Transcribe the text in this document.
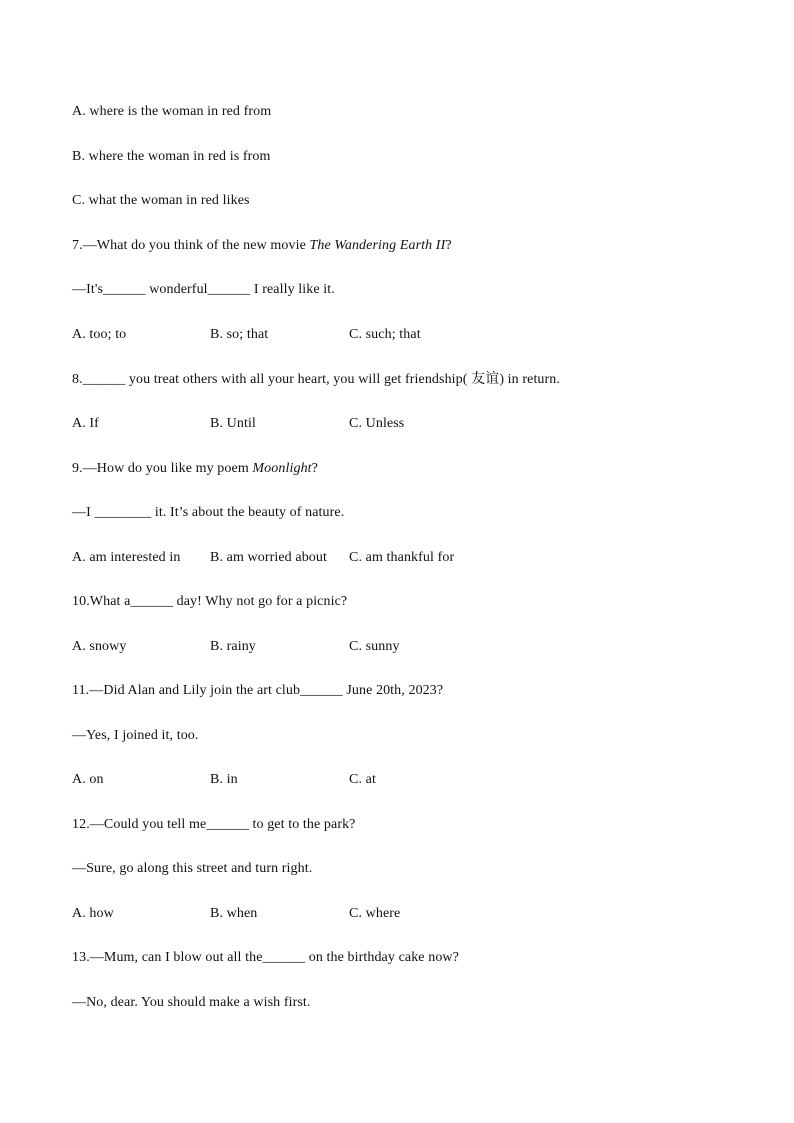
A. where is the woman in red from
B. where the woman in red is from
C. what the woman in red likes
7.—What do you think of the new movie The Wandering Earth II?
—It's______ wonderful______ I really like it.
A. too; to	B. so; that	C. such; that
8.______ you treat others with all your heart, you will get friendship( 友谊) in return.
A. If	B. Until	C. Unless
9.—How do you like my poem Moonlight?
—I ________ it. It’s about the beauty of nature.
A. am interested in B. am worried about C. am thankful for
10.What a______ day! Why not go for a picnic?
A. snowy	B. rainy	C. sunny
11.—Did Alan and Lily join the art club______ June 20th, 2023?
—Yes, I joined it, too.
A. on	B. in	C. at
12.—Could you tell me______ to get to the park?
—Sure, go along this street and turn right.
A. how	B. when	C. where
13.—Mum, can I blow out all the______ on the birthday cake now?
—No, dear. You should make a wish first.
